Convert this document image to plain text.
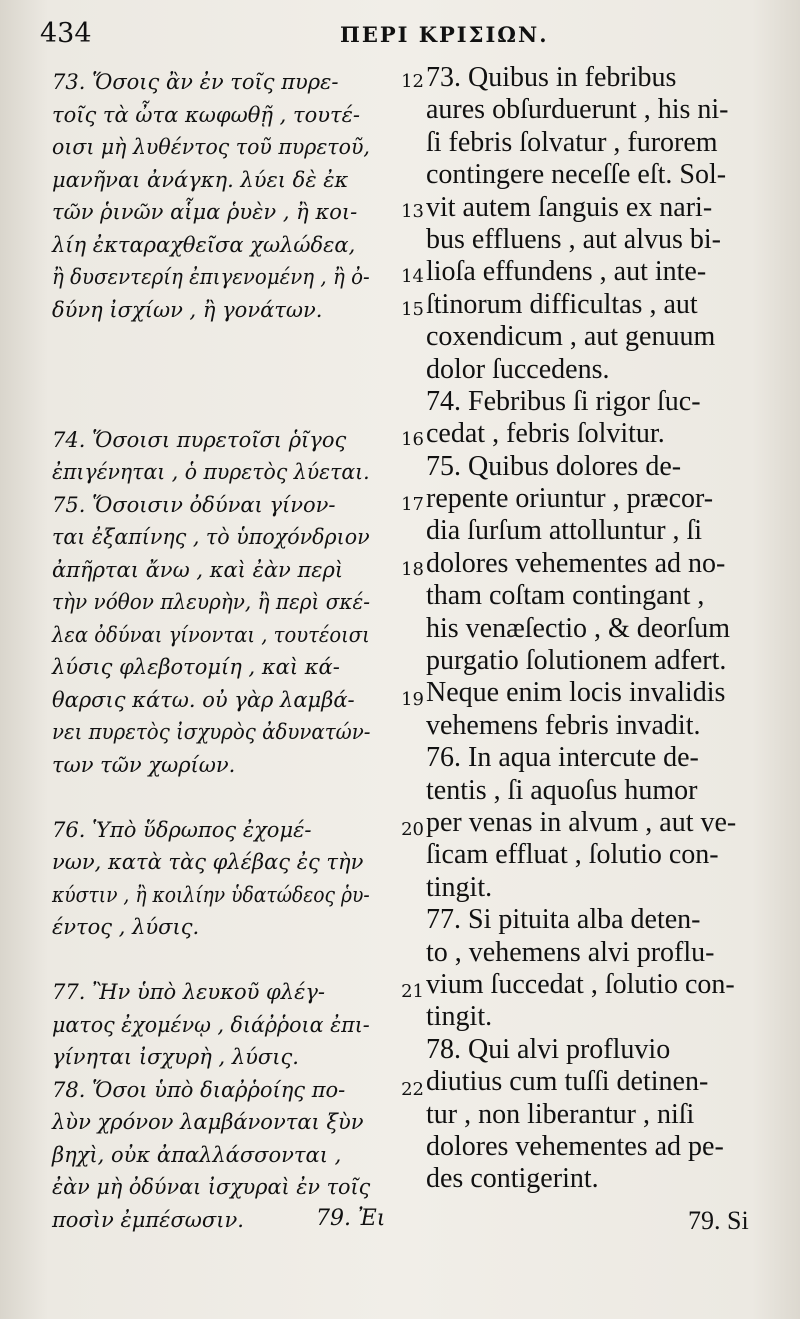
434	ΠΕΡΙ ΚΡΙΣΙΩΝ.
73. Ὅσοις ἂν ἐν τοῖς πυρε-	12
τοῖς τὰ ὦτα κωφωθῇ , τουτέ-
οισι μὴ λυθέντος τοῦ πυρετοῦ,
μανῆναι ἀνάγκη. λύει δὲ ἐκ
τῶν ῥινῶν αἷμα ῥυὲν , ἢ κοι- 13
λίη ἐκταραχθεῖσα χωλώδεα,
ἢ δυσεντερίη ἐπιγενομένη , ἢ ὀ- 14
δύνη ἰσχίων , ἢ γονάτων.	15
74. Ὅσοισι πυρετοῖσι ῥῖγος	16
ἐπιγένηται , ὁ πυρετὸς λύεται.
75. Ὅσοισιν ὀδύναι γίνον-	17
ται ἐξαπίνης , τὸ ὑποχόνδριον
ἀπῆρται ἄνω , καὶ ἐὰν περὶ	18
τὴν νόθον πλευρὴν, ἢ περὶ σκέ-
λεα ὀδύναι γίνονται , τουτέοισι
λύσις φλεβοτομίη , καὶ κά-
θαρσις κάτω. οὐ γὰρ λαμβά-	19
νει πυρετὸς ἰσχυρὸς ἀδυνατών-
των τῶν χωρίων.
76. Ὑπὸ ὕδρωπος ἐχομέ-	20
νων, κατὰ τὰς φλέβας ἐς τὴν
κύστιν , ἢ κοιλίην ὑδατώδεος ῥυ-
έντος , λύσις.
77. Ἢν ὑπὸ λευκοῦ φλέγ-	21
ματος ἐχομένῳ , διάῤῥοια ἐπι-
γίνηται ἰσχυρὴ , λύσις.
78. Ὅσοι ὑπὸ διαῤῥοίης πο-	22
λὺν χρόνον λαμβάνονται ξὺν
βηχὶ, οὐκ ἀπαλλάσσονται ,
ἐὰν μὴ ὀδύναι ἰσχυραὶ ἐν τοῖς
ποσὶν ἐμπέσωσιν.
73. Quibus in febribus
aures obſurduerunt , his ni-
ſi febris ſolvatur , furorem
contingere neceſſe eſt. Sol-
vit autem ſanguis ex nari-
bus effluens , aut alvus bi-
lioſa effundens , aut inte-
ſtinorum difficultas , aut
coxendicum , aut genuum
dolor ſuccedens.
74. Febribus ſi rigor ſuc-
cedat , febris ſolvitur.
75. Quibus dolores de-
repente oriuntur , præcor-
dia ſurſum attolluntur , ſi
dolores vehementes ad no-
tham coſtam contingant ,
his venæſectio , & deorſum
purgatio ſolutionem adfert.
Neque enim locis invalidis
vehemens febris invadit.
76. In aqua intercute de-
tentis , ſi aquoſus humor
per venas in alvum , aut ve-
ſicam effluat , ſolutio con-
tingit.
77. Si pituita alba deten-
to , vehemens alvi proflu-
vium ſuccedat , ſolutio con-
tingit.
78. Qui alvi profluvio
diutius cum tuſſi detinen-
tur , non liberantur , niſi
dolores vehementes ad pe-
des contigerint.
79. Ἐι	79. Si
